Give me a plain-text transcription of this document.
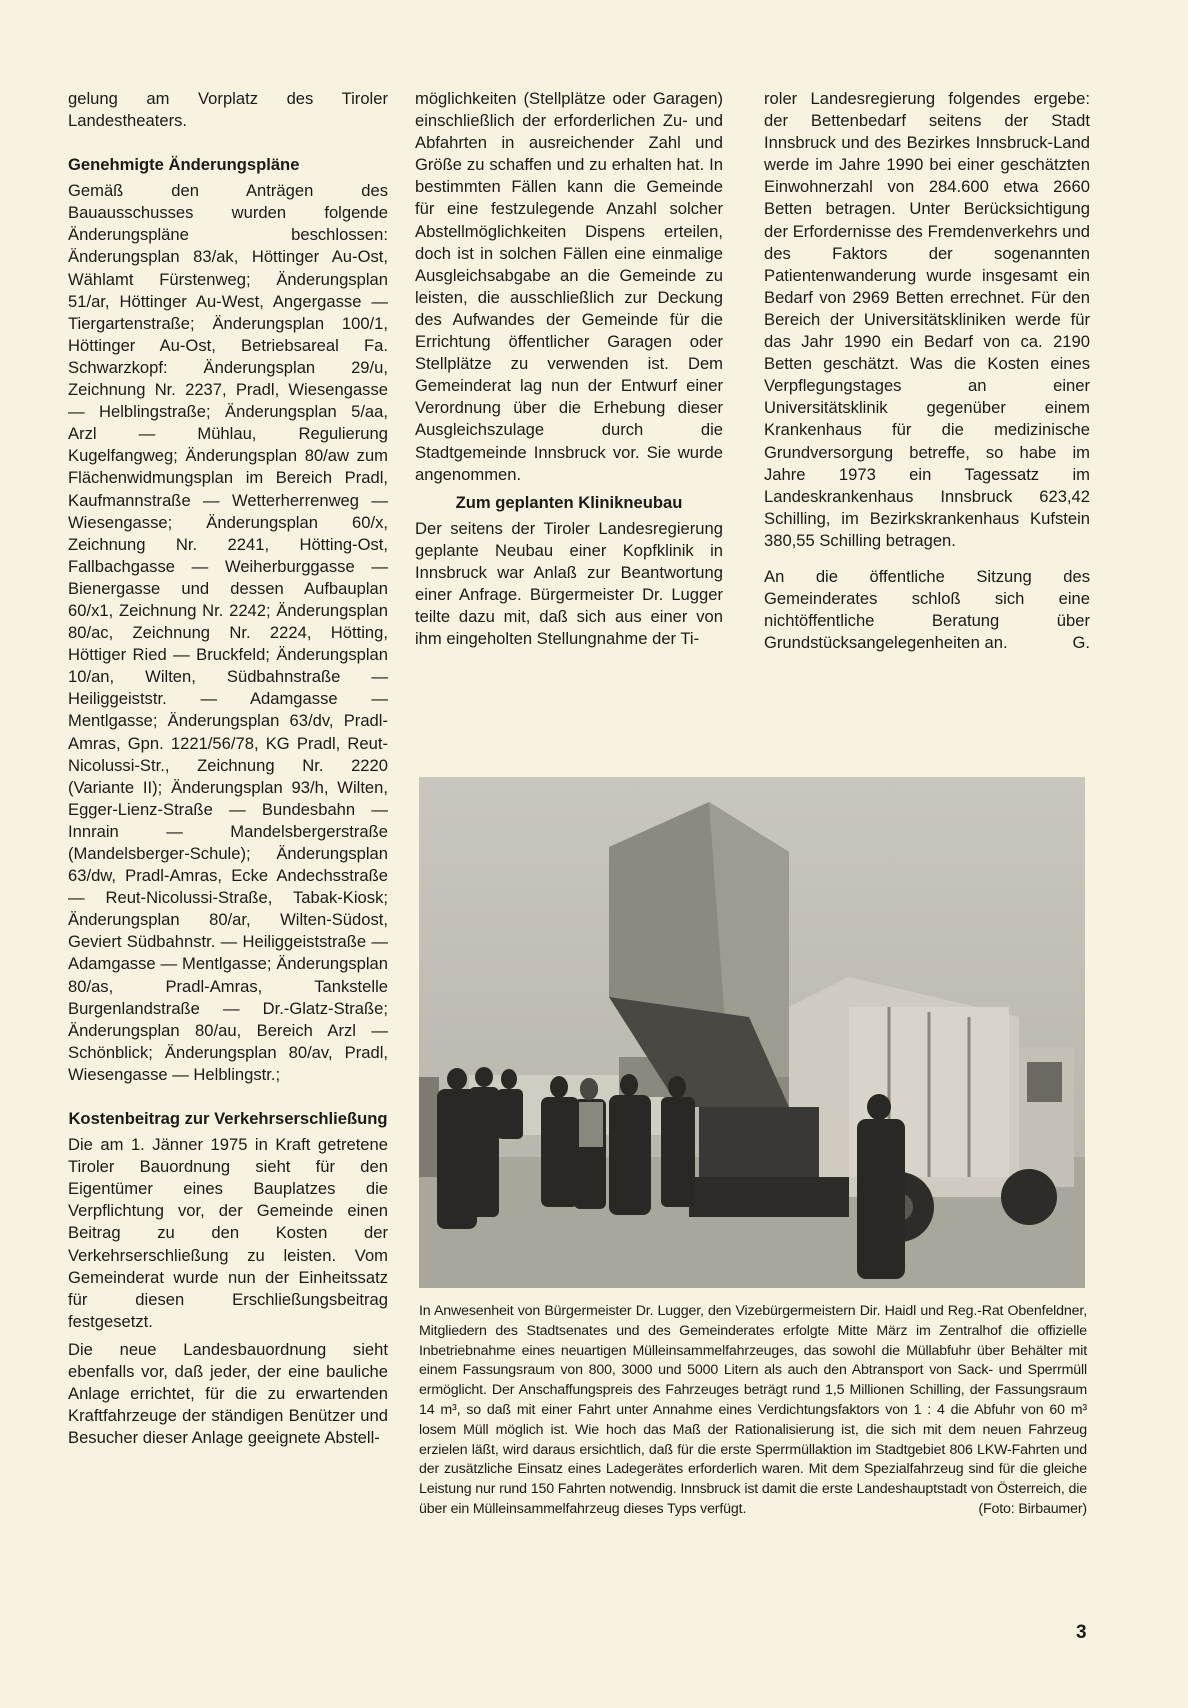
gelung am Vorplatz des Tiroler Landestheaters.

Genehmigte Änderungspläne

Gemäß den Anträgen des Bauausschusses wurden folgende Änderungspläne beschlossen: Änderungsplan 83/ak, Höttinger Au-Ost, Wählamt Fürstenweg; Änderungsplan 51/ar, Höttinger Au-West, Angergasse — Tiergartenstraße; Änderungsplan 100/1, Höttinger Au-Ost, Betriebsareal Fa. Schwarzkopf: Änderungsplan 29/u, Zeichnung Nr. 2237, Pradl, Wiesengasse — Helblingstraße; Änderungsplan 5/aa, Arzl — Mühlau, Regulierung Kugelfangweg; Änderungsplan 80/aw zum Flächenwidmungsplan im Bereich Pradl, Kaufmannstraße — Wetterherrenweg — Wiesengasse; Änderungsplan 60/x, Zeichnung Nr. 2241, Hötting-Ost, Fallbachgasse — Weiherburggasse — Bienergasse und dessen Aufbauplan 60/x1, Zeichnung Nr. 2242; Änderungsplan 80/ac, Zeichnung Nr. 2224, Hötting, Höttiger Ried — Bruckfeld; Änderungsplan 10/an, Wilten, Südbahnstraße — Heiliggeiststr. — Adamgasse — Mentlgasse; Änderungsplan 63/dv, Pradl-Amras, Gpn. 1221/56/78, KG Pradl, Reut-Nicolussi-Str., Zeichnung Nr. 2220 (Variante II); Änderungsplan 93/h, Wilten, Egger-Lienz-Straße — Bundesbahn — Innrain — Mandelsbergerstraße (Mandelsberger-Schule); Änderungsplan 63/dw, Pradl-Amras, Ecke Andechsstraße — Reut-Nicolussi-Straße, Tabak-Kiosk; Änderungsplan 80/ar, Wilten-Südost, Geviert Südbahnstr. — Heiliggeiststraße — Adamgasse — Mentlgasse; Änderungsplan 80/as, Pradl-Amras, Tankstelle Burgenlandstraße — Dr.-Glatz-Straße; Änderungsplan 80/au, Bereich Arzl — Schönblick; Änderungsplan 80/av, Pradl, Wiesengasse — Helblingstr.;

Kostenbeitrag zur Verkehrserschließung

Die am 1. Jänner 1975 in Kraft getretene Tiroler Bauordnung sieht für den Eigentümer eines Bauplatzes die Verpflichtung vor, der Gemeinde einen Beitrag zu den Kosten der Verkehrserschließung zu leisten. Vom Gemeinderat wurde nun der Einheitssatz für diesen Erschließungsbeitrag festgesetzt.

Die neue Landesbauordnung sieht ebenfalls vor, daß jeder, der eine bauliche Anlage errichtet, für die zu erwartenden Kraftfahrzeuge der ständigen Benützer und Besucher dieser Anlage geeignete Abstell-

möglichkeiten (Stellplätze oder Garagen) einschließlich der erforderlichen Zu- und Abfahrten in ausreichender Zahl und Größe zu schaffen und zu erhalten hat. In bestimmten Fällen kann die Gemeinde für eine festzulegende Anzahl solcher Abstellmöglichkeiten Dispens erteilen, doch ist in solchen Fällen eine einmalige Ausgleichsabgabe an die Gemeinde zu leisten, die ausschließlich zur Deckung des Aufwandes der Gemeinde für die Errichtung öffentlicher Garagen oder Stellplätze zu verwenden ist. Dem Gemeinderat lag nun der Entwurf einer Verordnung über die Erhebung dieser Ausgleichszulage durch die Stadtgemeinde Innsbruck vor. Sie wurde angenommen.

Zum geplanten Klinikneubau

Der seitens der Tiroler Landesregierung geplante Neubau einer Kopfklinik in Innsbruck war Anlaß zur Beantwortung einer Anfrage. Bürgermeister Dr. Lugger teilte dazu mit, daß sich aus einer von ihm eingeholten Stellungnahme der Ti-

roler Landesregierung folgendes ergebe: der Bettenbedarf seitens der Stadt Innsbruck und des Bezirkes Innsbruck-Land werde im Jahre 1990 bei einer geschätzten Einwohnerzahl von 284.600 etwa 2660 Betten betragen. Unter Berücksichtigung der Erfordernisse des Fremdenverkehrs und des Faktors der sogenannten Patientenwanderung wurde insgesamt ein Bedarf von 2969 Betten errechnet. Für den Bereich der Universitätskliniken werde für das Jahr 1990 ein Bedarf von ca. 2190 Betten geschätzt. Was die Kosten eines Verpflegungstages an einer Universitätsklinik gegenüber einem Krankenhaus für die medizinische Grundversorgung betreffe, so habe im Jahre 1973 ein Tagessatz im Landeskrankenhaus Innsbruck 623,42 Schilling, im Bezirkskrankenhaus Kufstein 380,55 Schilling betragen.

An die öffentliche Sitzung des Gemeinderates schloß sich eine nichtöffentliche Beratung über Grundstücksangelegenheiten an.	G.

In Anwesenheit von Bürgermeister Dr. Lugger, den Vizebürgermeistern Dir. Haidl und Reg.-Rat Obenfeldner, Mitgliedern des Stadtsenates und des Gemeinderates erfolgte Mitte März im Zentralhof die offizielle Inbetriebnahme eines neuartigen Mülleinsammelfahrzeuges, das sowohl die Müllabfuhr über Behälter mit einem Fassungsraum von 800, 3000 und 5000 Litern als auch den Abtransport von Sack- und Sperrmüll ermöglicht. Der Anschaffungspreis des Fahrzeuges beträgt rund 1,5 Millionen Schilling, der Fassungsraum 14 m³, so daß mit einer Fahrt unter Annahme eines Verdichtungsfaktors von 1 : 4 die Abfuhr von 60 m³ losem Müll möglich ist. Wie hoch das Maß der Rationalisierung ist, die sich mit dem neuen Fahrzeug erzielen läßt, wird daraus ersichtlich, daß für die erste Sperrmüllaktion im Stadtgebiet 806 LKW-Fahrten und der zusätzliche Einsatz eines Ladegerätes erforderlich waren. Mit dem Spezialfahrzeug sind für die gleiche Leistung nur rund 150 Fahrten notwendig. Innsbruck ist damit die erste Landeshauptstadt von Österreich, die über ein Mülleinsammelfahrzeug dieses Typs verfügt.	(Foto: Birbaumer)
3
